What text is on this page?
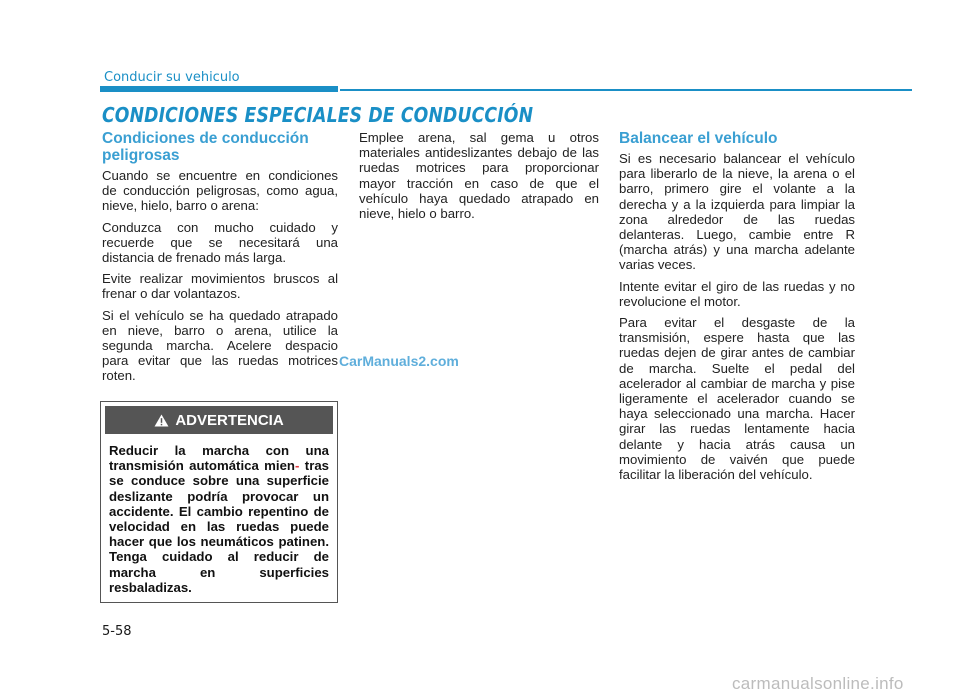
Conducir su vehiculo
CONDICIONES ESPECIALES DE CONDUCCIÓN
Condiciones de conducción peligrosas

Cuando se encuentre en condiciones de conducción peligrosas, como agua, nieve, hielo, barro o arena:

Conduzca con mucho cuidado y recuerde que se necesitará una distancia de frenado más larga.

Evite realizar movimientos bruscos al frenar o dar volantazos.

Si el vehículo se ha quedado atrapado en nieve, barro o arena, utilice la segunda marcha. Acelere despacio para evitar que las ruedas motrices roten.

ADVERTENCIA
Reducir la marcha con una transmisión automática mien- tras se conduce sobre una superficie deslizante podría provocar un accidente. El cambio repentino de velocidad en las ruedas puede hacer que los neumáticos patinen. Tenga cuidado al reducir de marcha en superficies resbaladizas.

Emplee arena, sal gema u otros materiales antideslizantes debajo de las ruedas motrices para proporcionar mayor tracción en caso de que el vehículo haya quedado atrapado en nieve, hielo o barro.

Balancear el vehículo

Si es necesario balancear el vehículo para liberarlo de la nieve, la arena o el barro, primero gire el volante a la derecha y a la izquierda para limpiar la zona alrededor de las ruedas delanteras. Luego, cambie entre R (marcha atrás) y una marcha adelante varias veces.

Intente evitar el giro de las ruedas y no revolucione el motor.

Para evitar el desgaste de la transmisión, espere hasta que las ruedas dejen de girar antes de cambiar de marcha. Suelte el pedal del acelerador al cambiar de marcha y pise ligeramente el acelerador cuando se haya seleccionado una marcha. Hacer girar las ruedas lentamente hacia delante y hacia atrás causa un movimiento de vaivén que puede facilitar la liberación del vehículo.

CarManuals2.com
5-58
carmanualsonline.info
